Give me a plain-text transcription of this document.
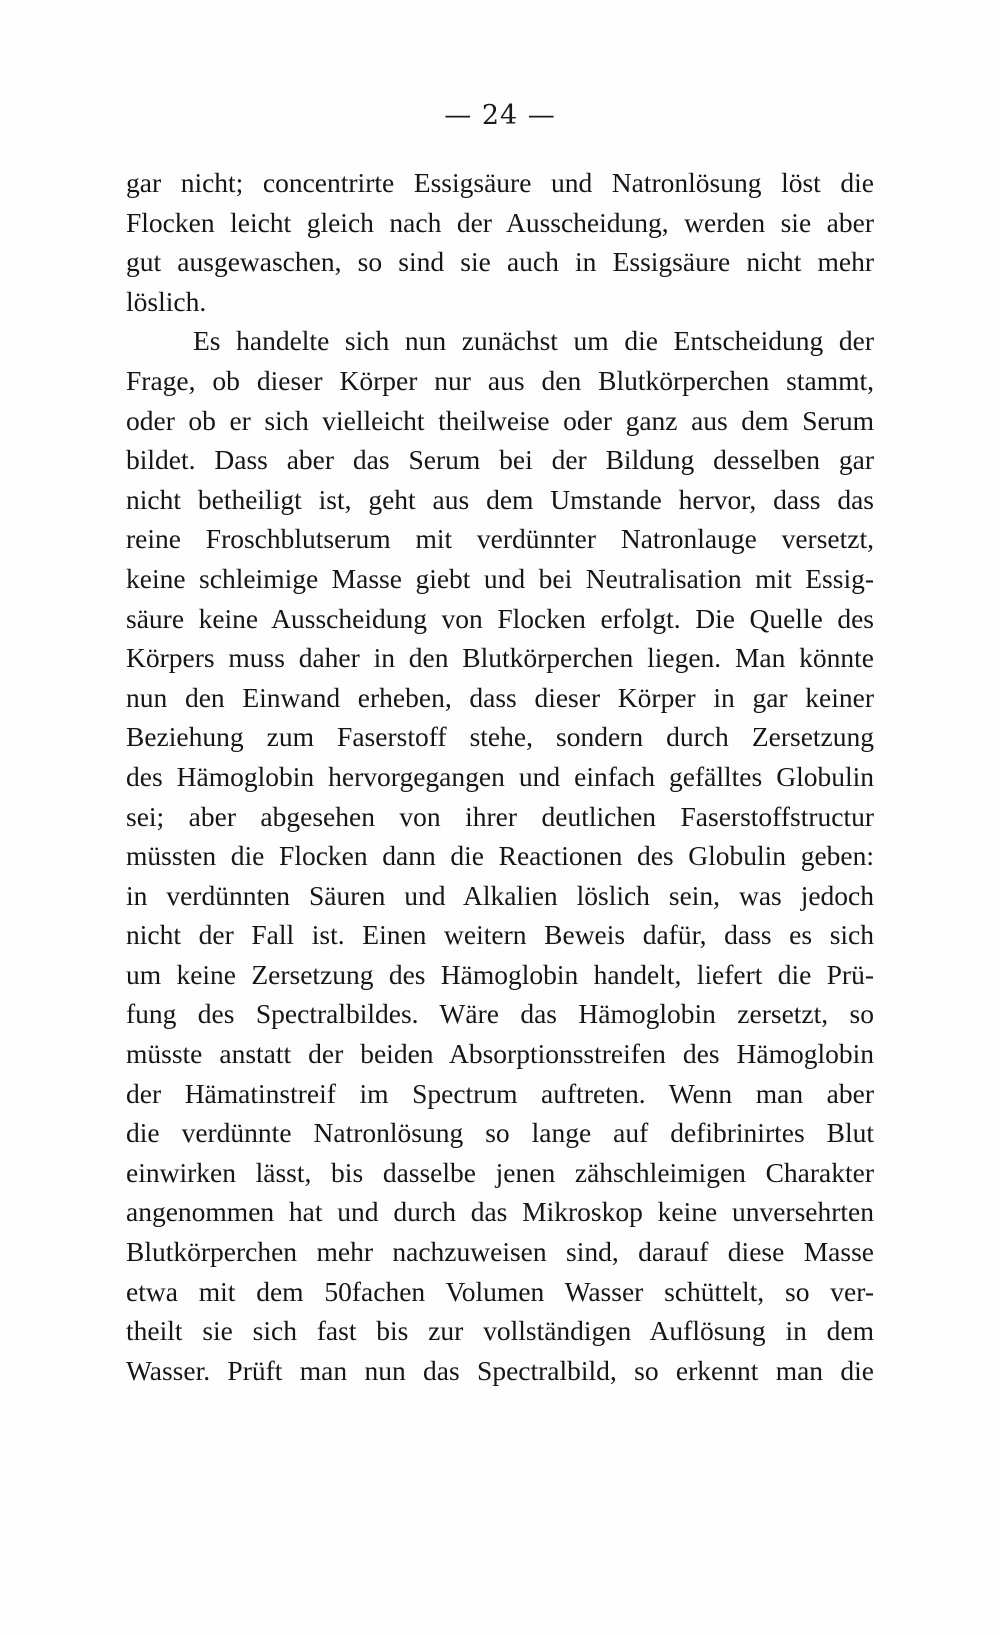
— 24 —
gar nicht; concentrirte Essigsäure und Natronlösung löst die
Flocken leicht gleich nach der Ausscheidung, werden sie aber
gut ausgewaschen, so sind sie auch in Essigsäure nicht mehr
löslich.
Es handelte sich nun zunächst um die Entscheidung der
Frage, ob dieser Körper nur aus den Blutkörperchen stammt,
oder ob er sich vielleicht theilweise oder ganz aus dem Serum
bildet. Dass aber das Serum bei der Bildung desselben gar
nicht betheiligt ist, geht aus dem Umstande hervor, dass das
reine Froschblutserum mit verdünnter Natronlauge versetzt,
keine schleimige Masse giebt und bei Neutralisation mit Essig-
säure keine Ausscheidung von Flocken erfolgt. Die Quelle des
Körpers muss daher in den Blutkörperchen liegen. Man könnte
nun den Einwand erheben, dass dieser Körper in gar keiner
Beziehung zum Faserstoff stehe, sondern durch Zersetzung
des Hämoglobin hervorgegangen und einfach gefälltes Globulin
sei; aber abgesehen von ihrer deutlichen Faserstoffstructur
müssten die Flocken dann die Reactionen des Globulin geben:
in verdünnten Säuren und Alkalien löslich sein, was jedoch
nicht der Fall ist. Einen weitern Beweis dafür, dass es sich
um keine Zersetzung des Hämoglobin handelt, liefert die Prü-
fung des Spectralbildes. Wäre das Hämoglobin zersetzt, so
müsste anstatt der beiden Absorptionsstreifen des Hämoglobin
der Hämatinstreif im Spectrum auftreten. Wenn man aber
die verdünnte Natronlösung so lange auf defibrinirtes Blut
einwirken lässt, bis dasselbe jenen zähschleimigen Charakter
angenommen hat und durch das Mikroskop keine unversehrten
Blutkörperchen mehr nachzuweisen sind, darauf diese Masse
etwa mit dem 50fachen Volumen Wasser schüttelt, so ver-
theilt sie sich fast bis zur vollständigen Auflösung in dem
Wasser. Prüft man nun das Spectralbild, so erkennt man die
